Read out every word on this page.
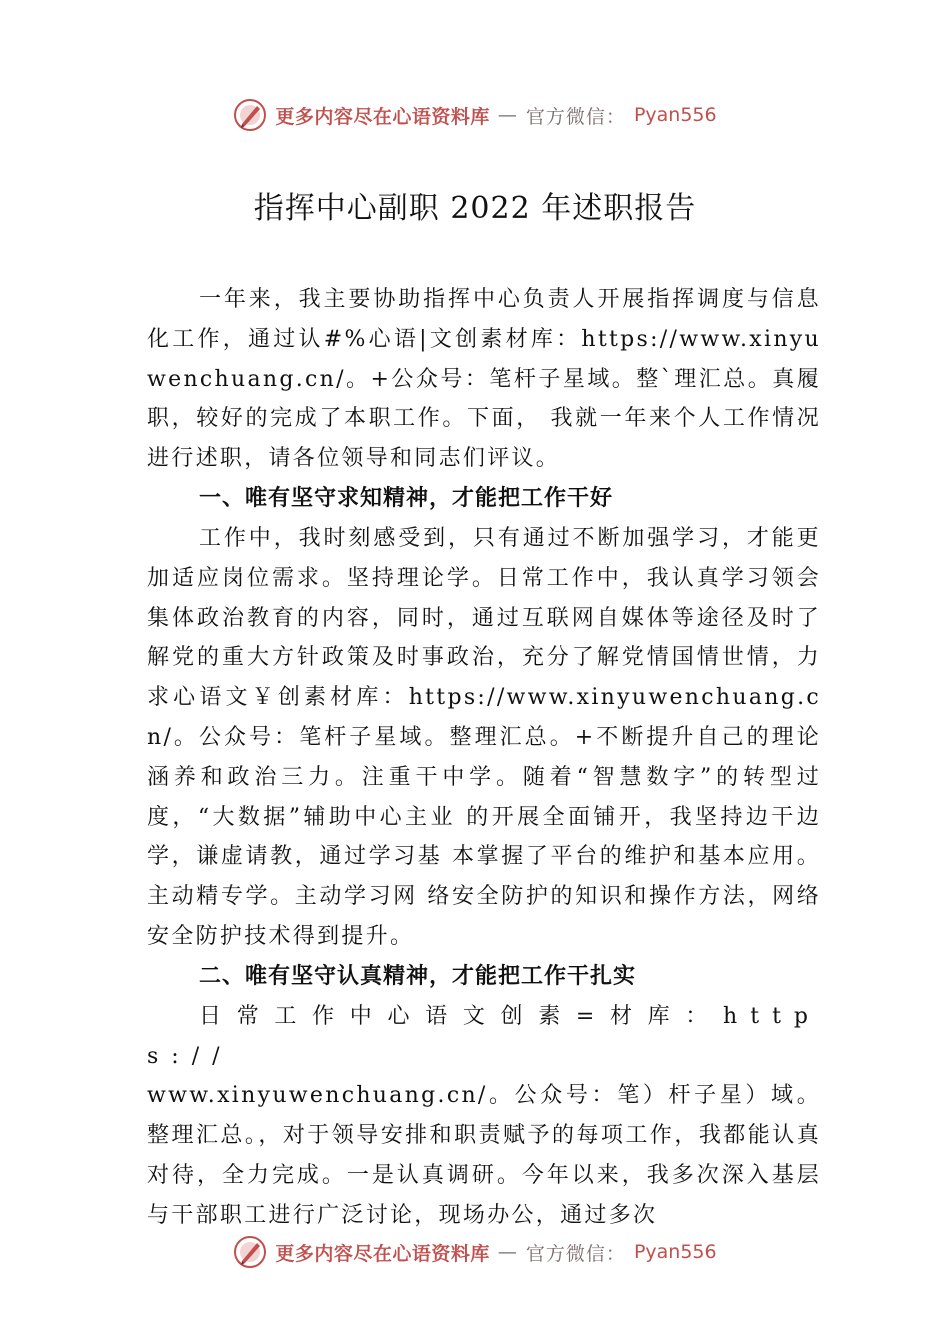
更多内容尽在心语资料库 — 官方微信： Pyan556
指挥中心副职 2022 年述职报告

一年来，我主要协助指挥中心负责人开展指挥调度与信息化工作，通过认#%心语|文创素材库：https://www.xinyuwenchuang.cn/。+公众号：笔杆子星域。整`理汇总。真履职，较好的完成了本职工作。下面， 我就一年来个人工作情况进行述职，请各位领导和同志们评议。

一、唯有坚守求知精神，才能把工作干好

工作中，我时刻感受到，只有通过不断加强学习，才能更加适应岗位需求。坚持理论学。日常工作中，我认真学习领会集体政治教育的内容，同时，通过互联网自媒体等途径及时了解党的重大方针政策及时事政治，充分了解党情国情世情，力求心语文￥创素材库：https://www.xinyuwenchuang.cn/。公众号：笔杆子星域。整理汇总。+不断提升自己的理论涵养和政治三力。注重干中学。随着“智慧数字”的转型过度，“大数据”辅助中心主业 的开展全面铺开，我坚持边干边学，谦虚请教，通过学习基 本掌握了平台的维护和基本应用。主动精专学。主动学习网 络安全防护的知识和操作方法，网络安全防护技术得到提升。

二、唯有坚守认真精神，才能把工作干扎实

日常工作中心语文创素=材库：https://

www.xinyuwenchuang.cn/。公众号：笔）杆子星）域。整理汇总。，对于领导安排和职责赋予的每项工作，我都能认真对待，全力完成。一是认真调研。今年以来，我多次深入基层与干部职工进行广泛讨论，现场办公，通过多次

更多内容尽在心语资料库 — 官方微信： Pyan556
